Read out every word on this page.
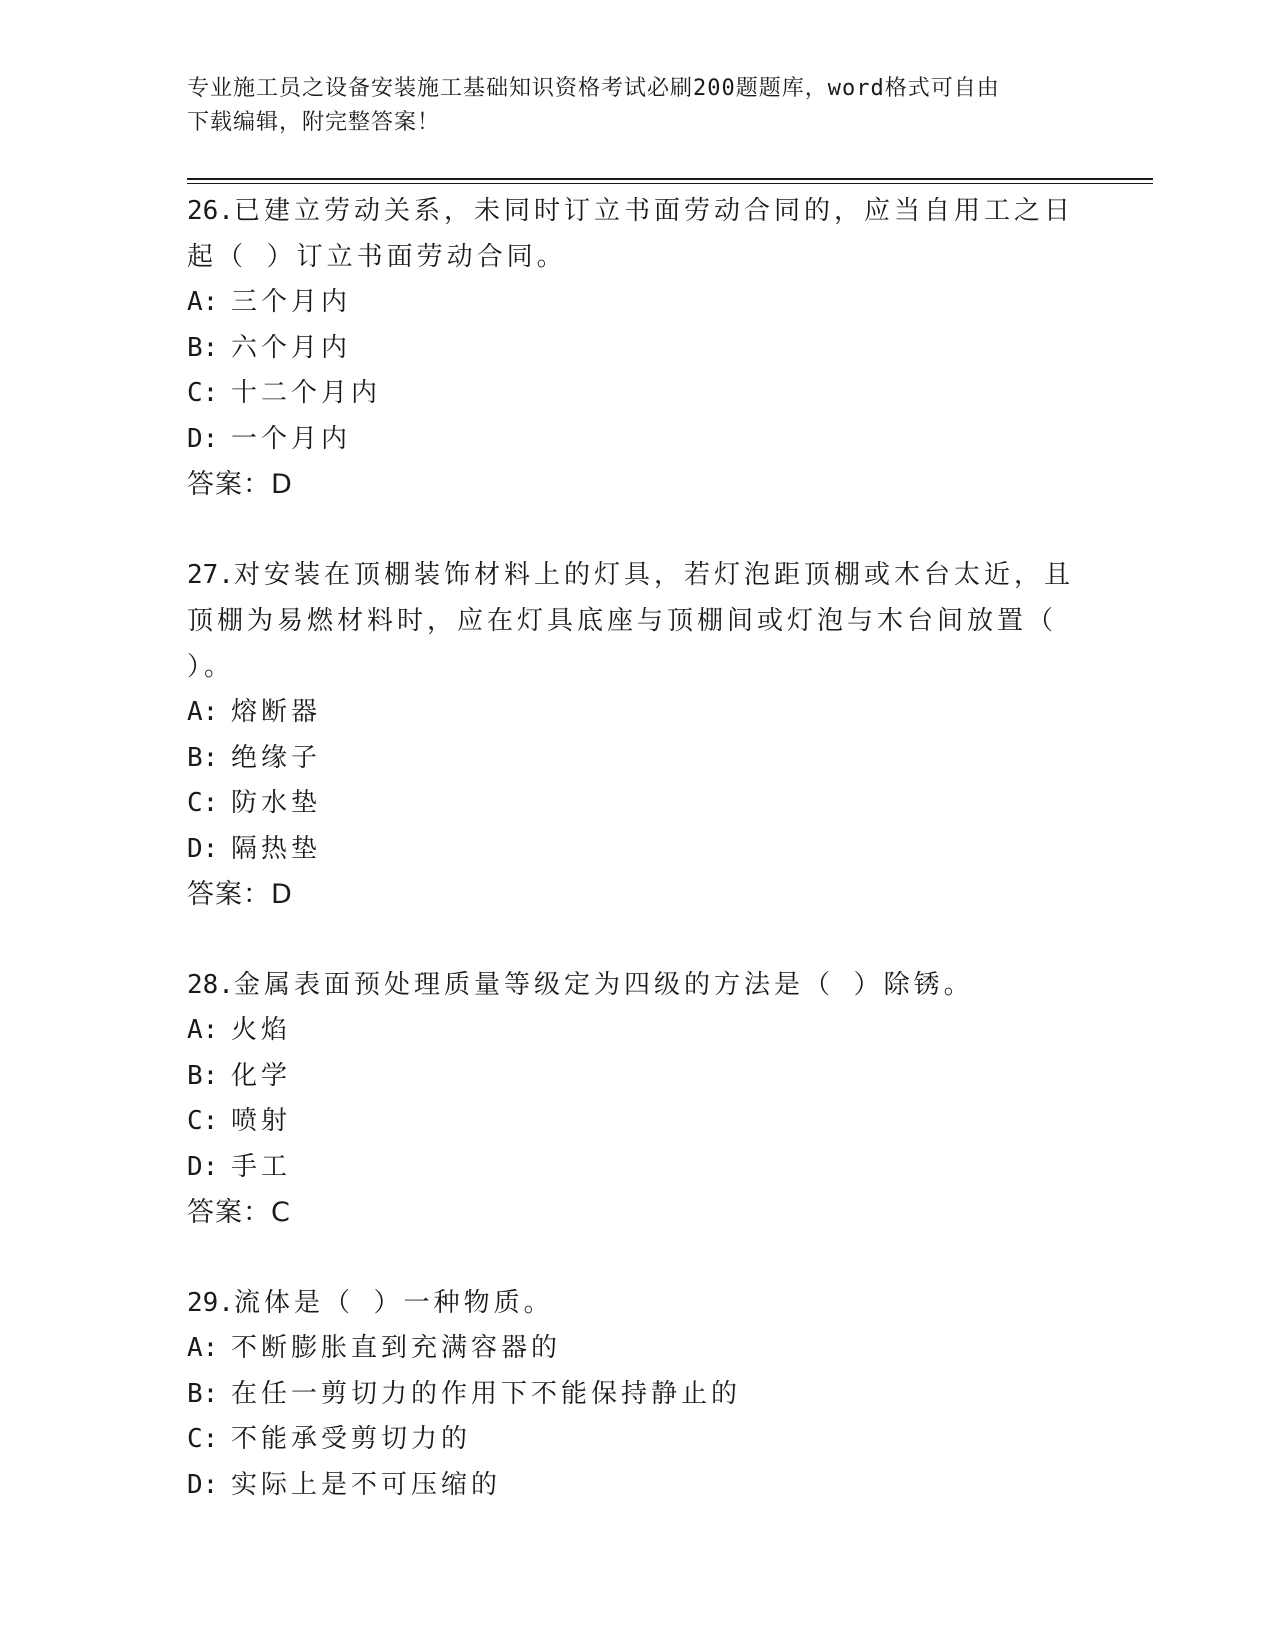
专业施工员之设备安装施工基础知识资格考试必刷200题题库，word格式可自由
下载编辑，附完整答案！
26.已建立劳动关系，未同时订立书面劳动合同的，应当自用工之日起（ ）订立书面劳动合同。
A: 三个月内
B: 六个月内
C: 十二个月内
D: 一个月内
答案：D
27.对安装在顶棚装饰材料上的灯具，若灯泡距顶棚或木台太近，且顶棚为易燃材料时，应在灯具底座与顶棚间或灯泡与木台间放置（ ）。
A: 熔断器
B: 绝缘子
C: 防水垫
D: 隔热垫
答案：D
28.金属表面预处理质量等级定为四级的方法是（ ）除锈。
A: 火焰
B: 化学
C: 喷射
D: 手工
答案：C
29.流体是（ ）一种物质。
A: 不断膨胀直到充满容器的
B: 在任一剪切力的作用下不能保持静止的
C: 不能承受剪切力的
D: 实际上是不可压缩的
